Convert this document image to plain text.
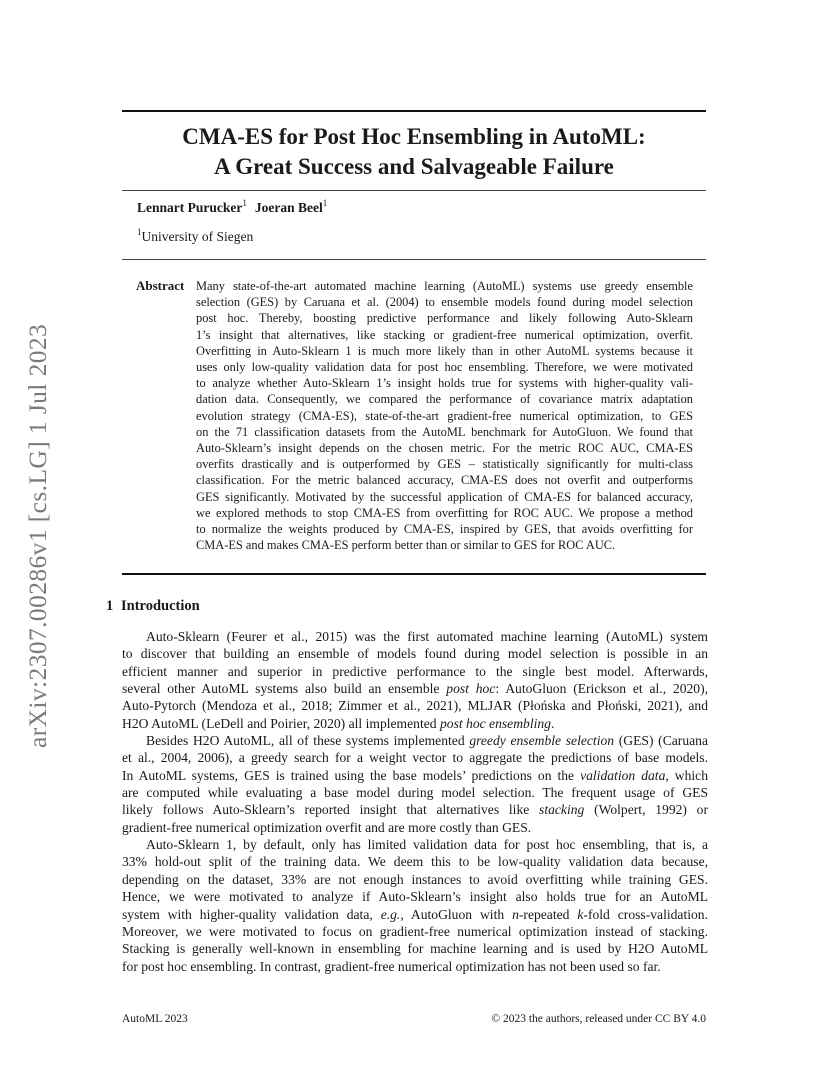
arXiv:2307.00286v1 [cs.LG] 1 Jul 2023
CMA-ES for Post Hoc Ensembling in AutoML:
A Great Success and Salvageable Failure
Lennart Purucker$^1$ Joeran Beel$^1$
$^1$University of Siegen
Abstract Many state-of-the-art automated machine learning (AutoML) systems use greedy ensemble
selection (GES) by Caruana et al. (2004) to ensemble models found during model selection
post hoc. Thereby, boosting predictive performance and likely following Auto-Sklearn
1’s insight that alternatives, like stacking or gradient-free numerical optimization, overfit.
Overfitting in Auto-Sklearn 1 is much more likely than in other AutoML systems because it
uses only low-quality validation data for post hoc ensembling. Therefore, we were motivated
to analyze whether Auto-Sklearn 1’s insight holds true for systems with higher-quality vali-
dation data. Consequently, we compared the performance of covariance matrix adaptation
evolution strategy (CMA-ES), state-of-the-art gradient-free numerical optimization, to GES
on the 71 classification datasets from the AutoML benchmark for AutoGluon. We found that
Auto-Sklearn’s insight depends on the chosen metric. For the metric ROC AUC, CMA-ES
overfits drastically and is outperformed by GES – statistically significantly for multi-class
classification. For the metric balanced accuracy, CMA-ES does not overfit and outperforms
GES significantly. Motivated by the successful application of CMA-ES for balanced accuracy,
we explored methods to stop CMA-ES from overfitting for ROC AUC. We propose a method
to normalize the weights produced by CMA-ES, inspired by GES, that avoids overfitting for
CMA-ES and makes CMA-ES perform better than or similar to GES for ROC AUC.
1 Introduction
Auto-Sklearn (Feurer et al., 2015) was the first automated machine learning (AutoML) system
to discover that building an ensemble of models found during model selection is possible in an
efficient manner and superior in predictive performance to the single best model. Afterwards,
several other AutoML systems also build an ensemble post hoc: AutoGluon (Erickson et al., 2020),
Auto-Pytorch (Mendoza et al., 2018; Zimmer et al., 2021), MLJAR (Płońska and Płoński, 2021), and
H2O AutoML (LeDell and Poirier, 2020) all implemented post hoc ensembling.
Besides H2O AutoML, all of these systems implemented greedy ensemble selection (GES) (Caruana
et al., 2004, 2006), a greedy search for a weight vector to aggregate the predictions of base models.
In AutoML systems, GES is trained using the base models’ predictions on the validation data, which
are computed while evaluating a base model during model selection. The frequent usage of GES
likely follows Auto-Sklearn’s reported insight that alternatives like stacking (Wolpert, 1992) or
gradient-free numerical optimization overfit and are more costly than GES.
Auto-Sklearn 1, by default, only has limited validation data for post hoc ensembling, that is, a
33% hold-out split of the training data. We deem this to be low-quality validation data because,
depending on the dataset, 33% are not enough instances to avoid overfitting while training GES.
Hence, we were motivated to analyze if Auto-Sklearn’s insight also holds true for an AutoML
system with higher-quality validation data, e.g., AutoGluon with n-repeated k-fold cross-validation.
Moreover, we were motivated to focus on gradient-free numerical optimization instead of stacking.
Stacking is generally well-known in ensembling for machine learning and is used by H2O AutoML
for post hoc ensembling. In contrast, gradient-free numerical optimization has not been used so far.
AutoML 2023	© 2023 the authors, released under CC BY 4.0
